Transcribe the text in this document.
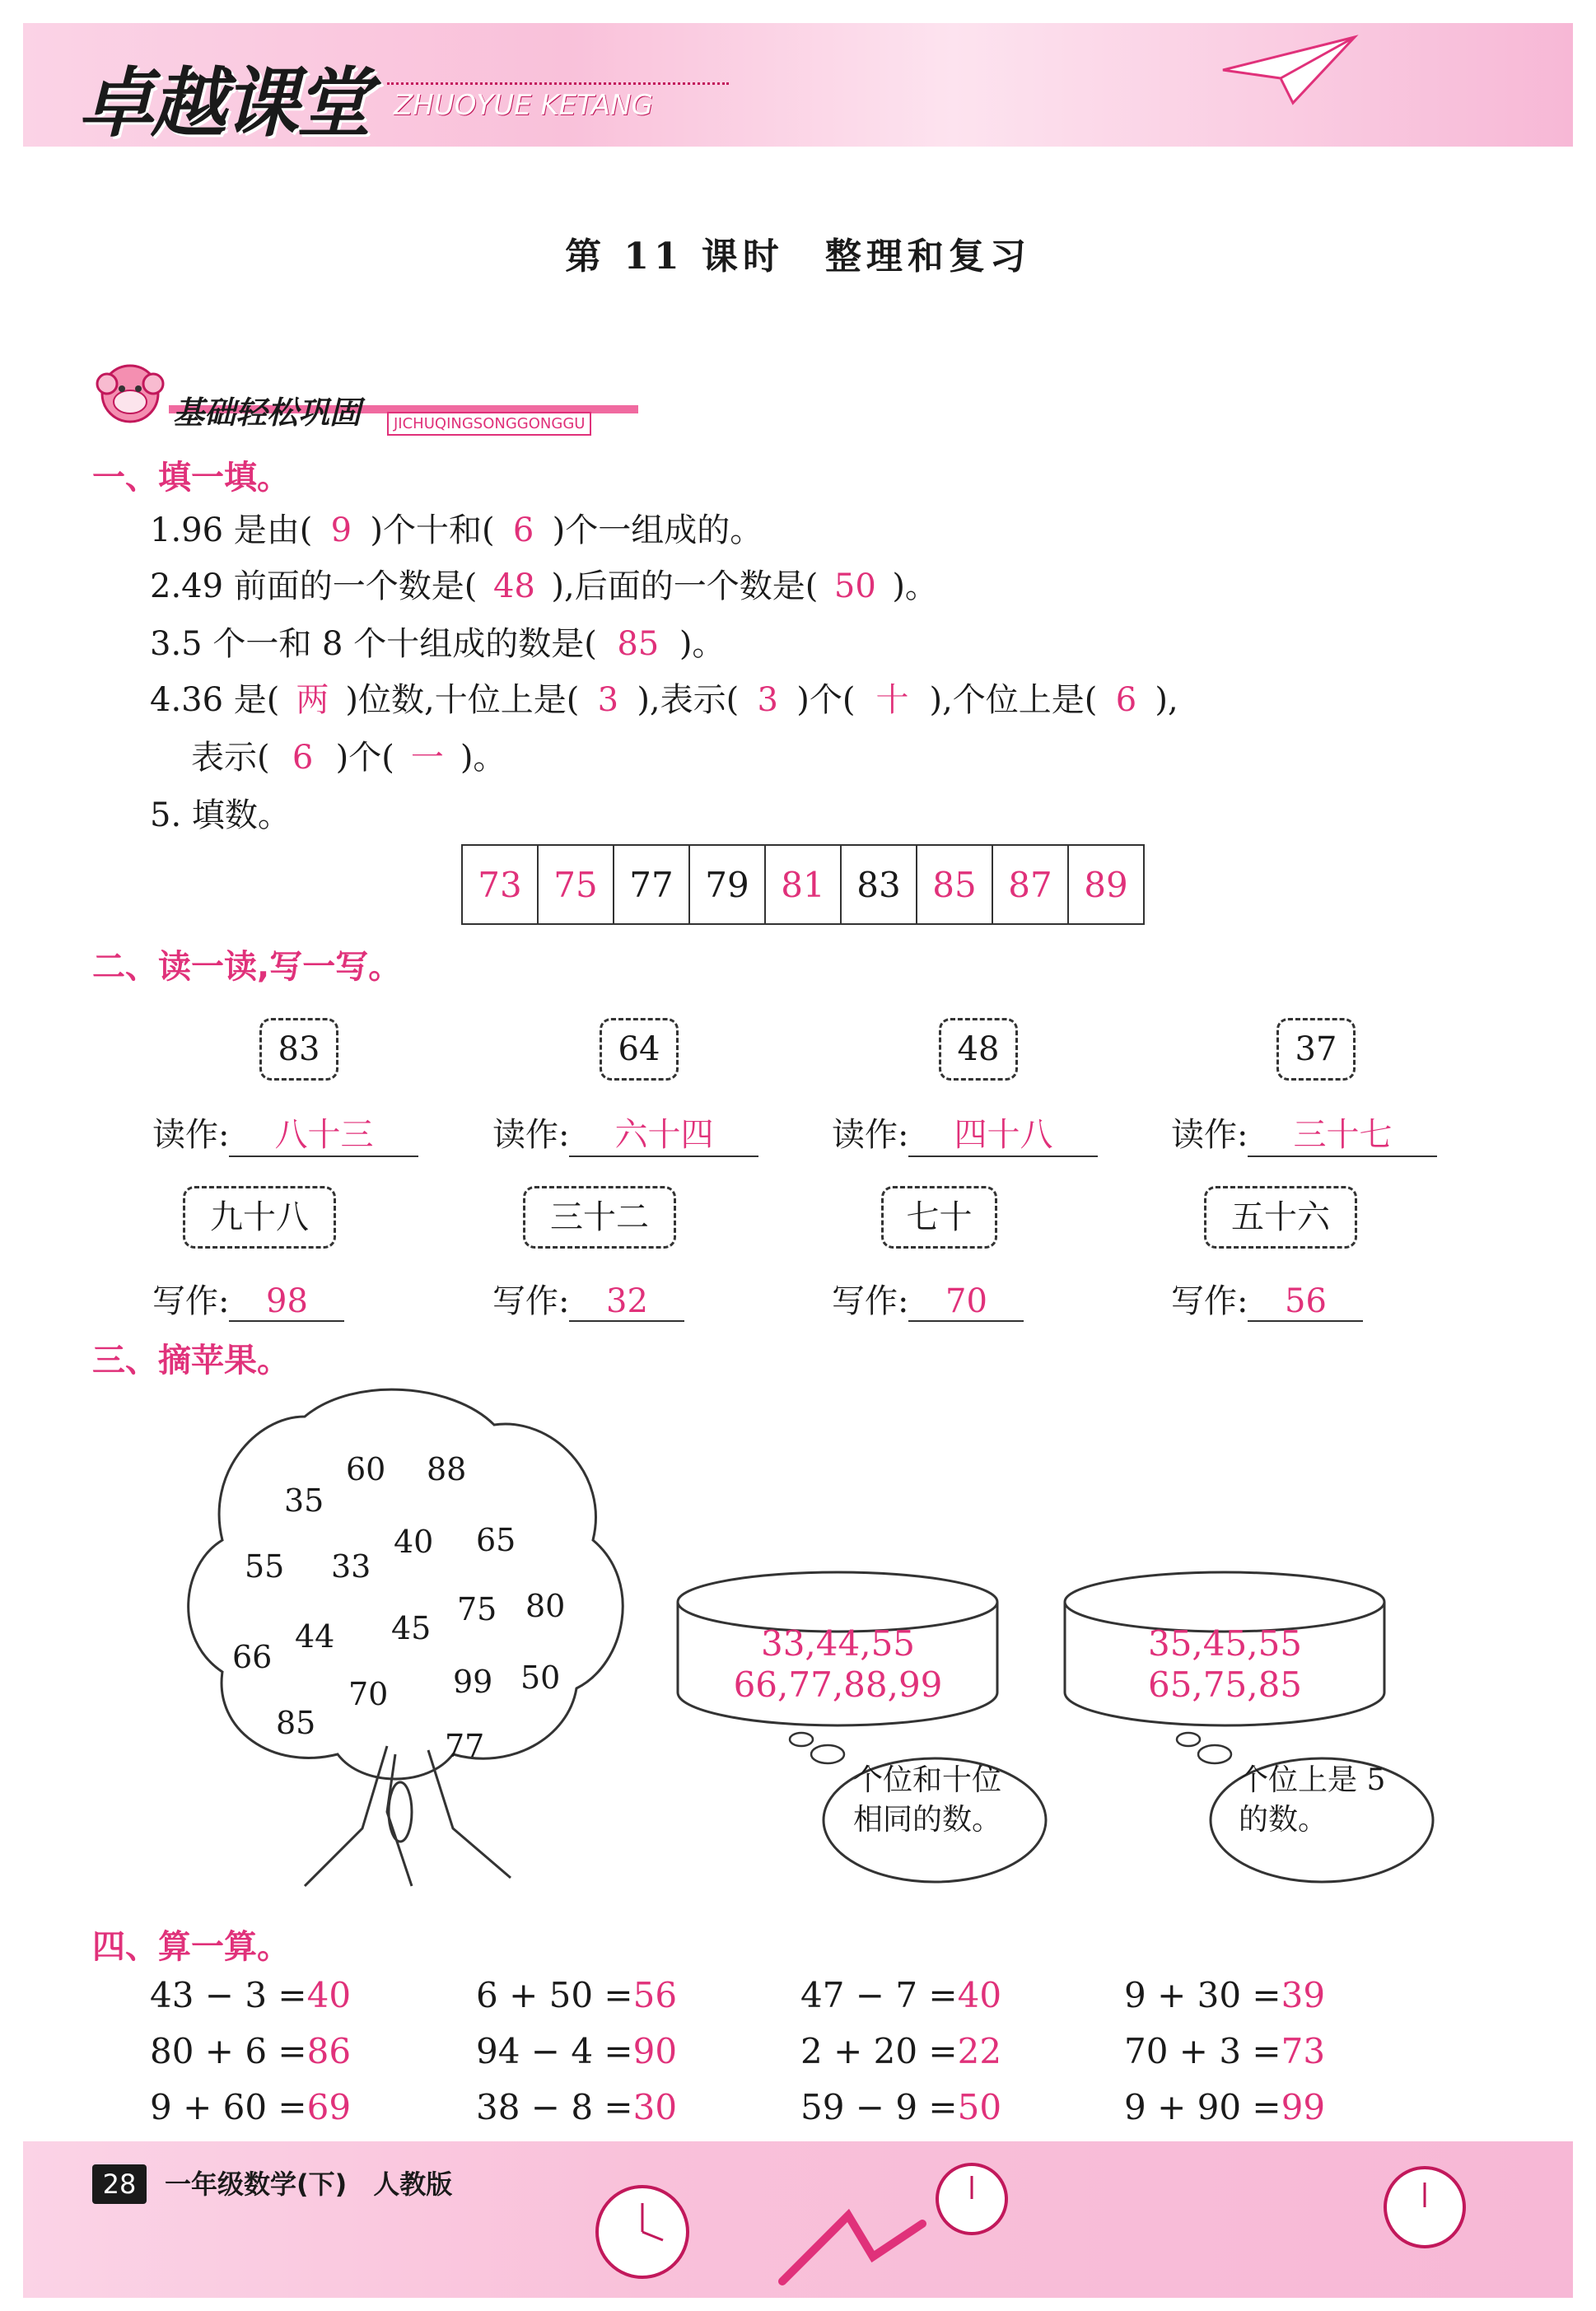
卓越课堂 ZHUOYUE KETANG
第 11 课时　整理和复习
基础轻松巩固	JICHUQINGSONGGONGGU
一、填一填。
1.96 是由( 9 )个十和( 6 )个一组成的。
2.49 前面的一个数是( 48 ),后面的一个数是( 50 )。
3.5 个一和 8 个十组成的数是( 85 )。
4.36 是( 两 )位数,十位上是( 3 ),表示( 3 )个( 十 ),个位上是( 6 ),
表示( 6 )个( 一 )。
5. 填数。
73	75	77	79	81	83	85	87	89
二、读一读,写一写。
83	64	48	37
读作: 八十三	读作: 六十四	读作: 四十八	读作: 三十七
九十八	三十二	七十	五十六
写作: 98	写作: 32	写作: 70	写作: 56
三、摘苹果。
60 88
35
40 65
55 33
75 80
45
66
44
99 50
70
85
77
33,44,55
66,77,88,99
个位和十位
相同的数。
35,45,55
65,75,85
个位上是 5
的数。
四、算一算。
43 − 3 =40	6 + 50 =56	47 − 7 =40	9 + 30 =39
80 + 6 =86	94 − 4 =90	2 + 20 =22	70 + 3 =73
9 + 60 =69	38 − 8 =30	59 − 9 =50	9 + 90 =99
28	一年级数学(下)　人教版
